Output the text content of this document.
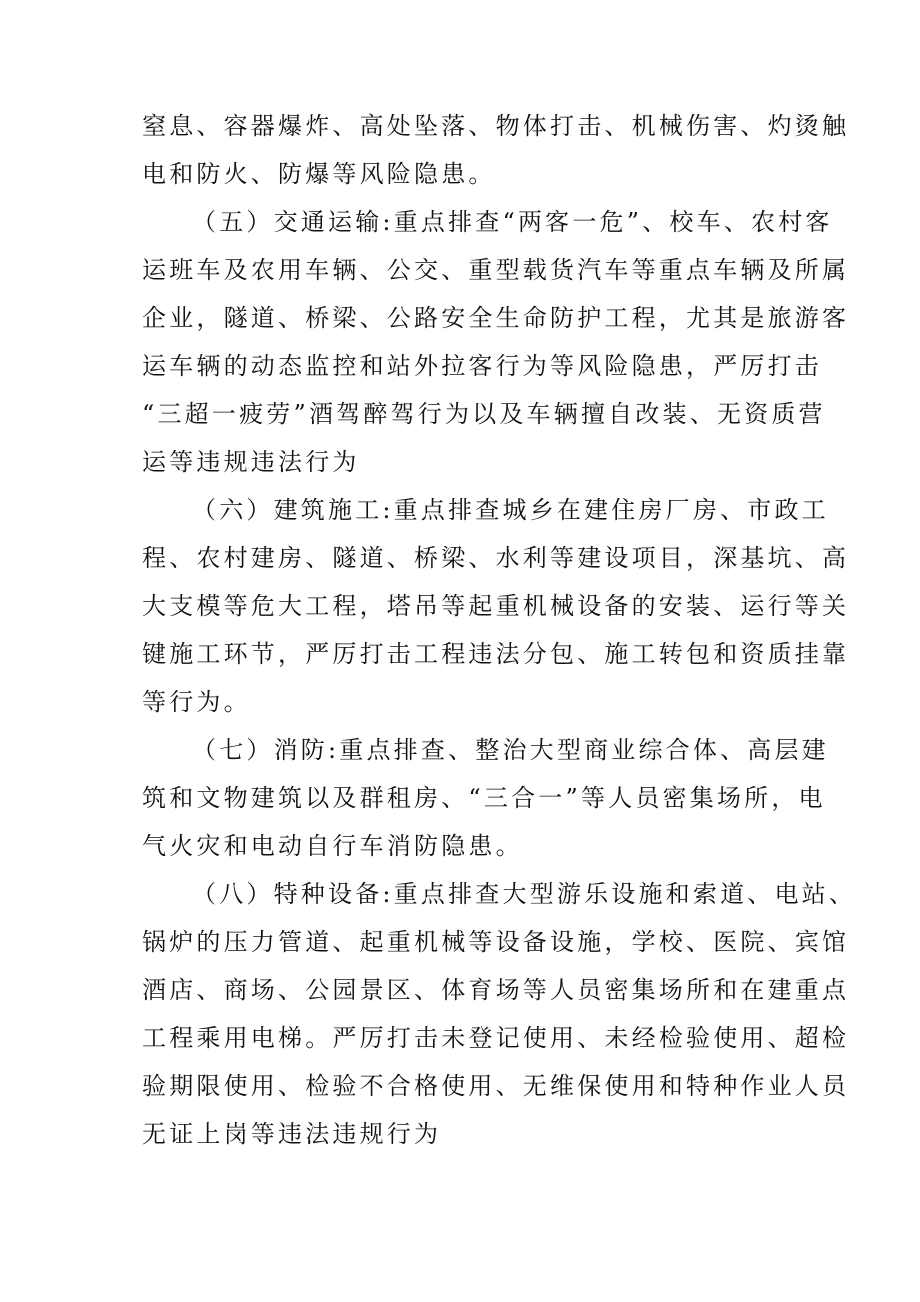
窒息、容器爆炸、高处坠落、物体打击、机械伤害、灼烫触
电和防火、防爆等风险隐患。
（五）交通运输:重点排查“两客一危”、校车、农村客
运班车及农用车辆、公交、重型载货汽车等重点车辆及所属
企业，隧道、桥梁、公路安全生命防护工程，尤其是旅游客
运车辆的动态监控和站外拉客行为等风险隐患，严厉打击
“三超一疲劳”酒驾醉驾行为以及车辆擅自改装、无资质营
运等违规违法行为
（六）建筑施工:重点排查城乡在建住房厂房、市政工
程、农村建房、隧道、桥梁、水利等建设项目，深基坑、高
大支模等危大工程，塔吊等起重机械设备的安装、运行等关
键施工环节，严厉打击工程违法分包、施工转包和资质挂靠
等行为。
（七）消防:重点排查、整治大型商业综合体、高层建
筑和文物建筑以及群租房、“三合一”等人员密集场所，电
气火灾和电动自行车消防隐患。
（八）特种设备:重点排查大型游乐设施和索道、电站、
锅炉的压力管道、起重机械等设备设施，学校、医院、宾馆
酒店、商场、公园景区、体育场等人员密集场所和在建重点
工程乘用电梯。严厉打击未登记使用、未经检验使用、超检
验期限使用、检验不合格使用、无维保使用和特种作业人员
无证上岗等违法违规行为
